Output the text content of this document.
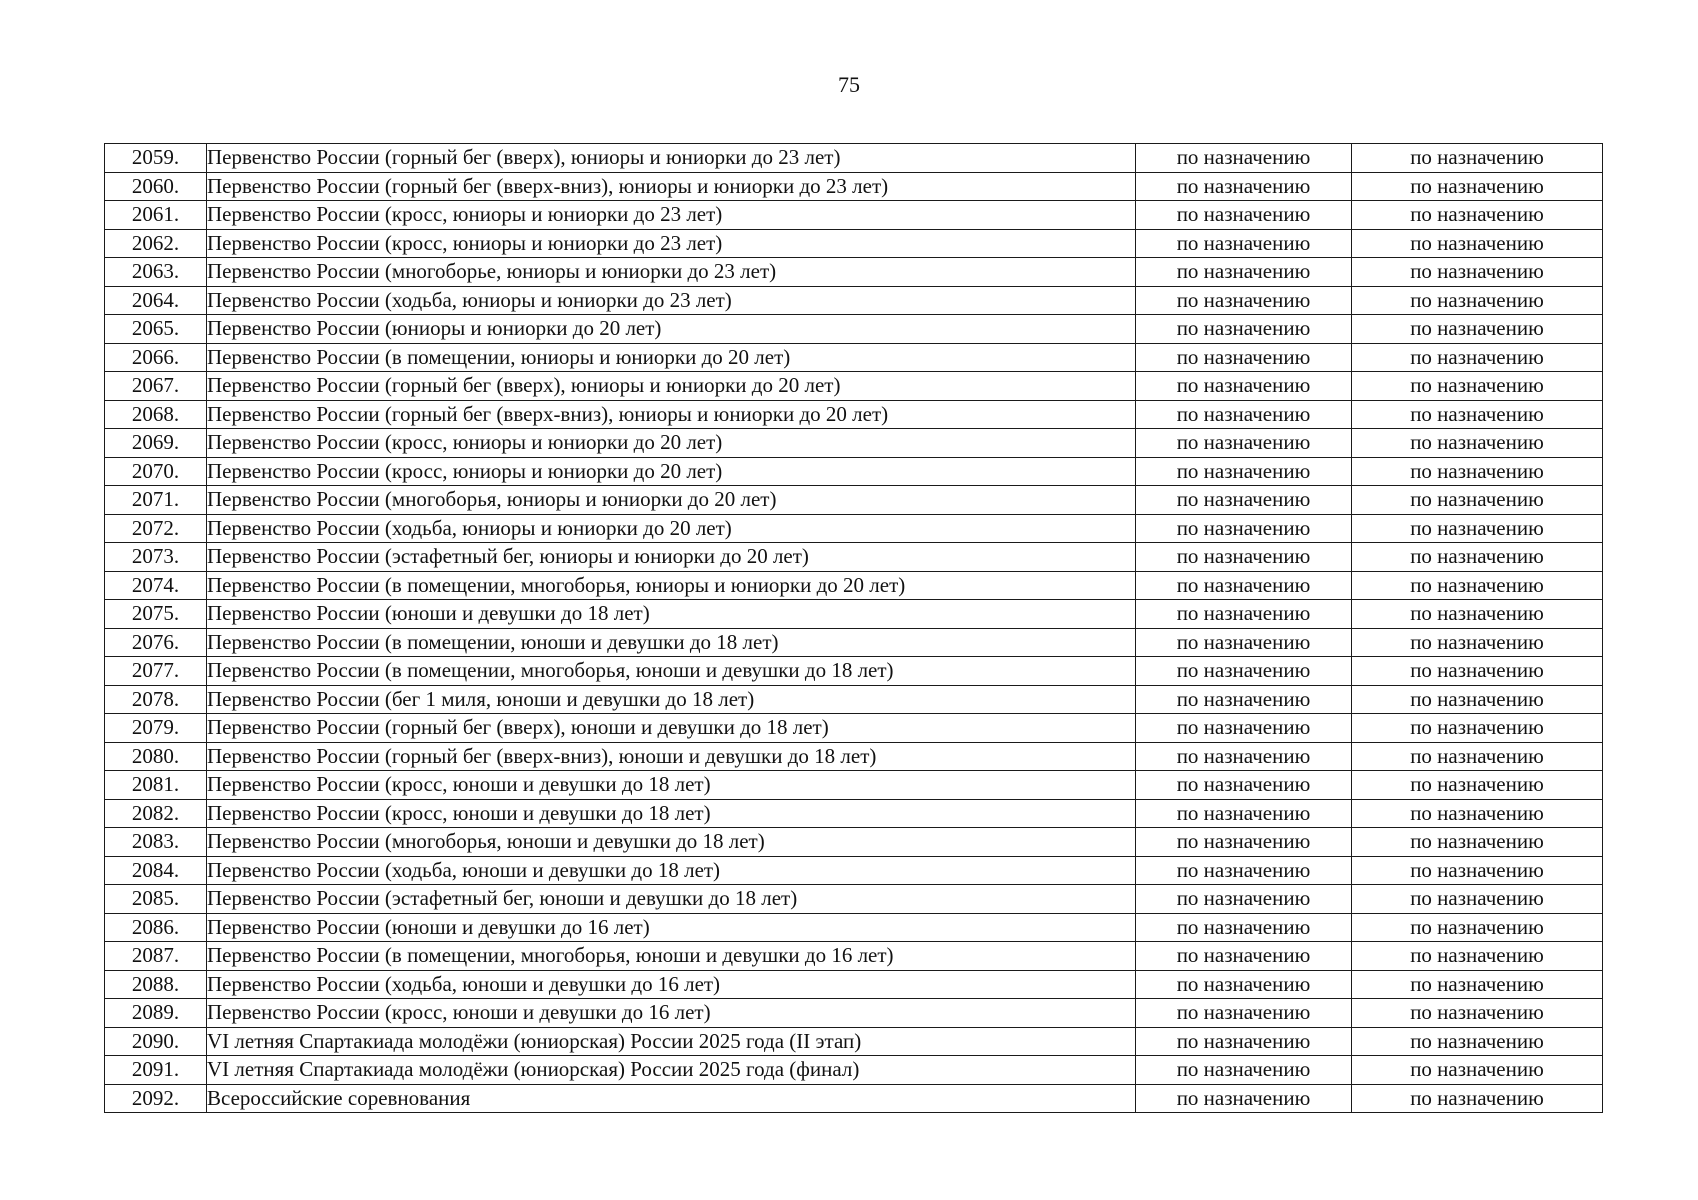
75
2059.	Первенство России (горный бег (вверх), юниоры и юниорки до 23 лет)	по назначению	по назначению
2060.	Первенство России (горный бег (вверх-вниз), юниоры и юниорки до 23 лет)	по назначению	по назначению
2061.	Первенство России (кросс, юниоры и юниорки до 23 лет)	по назначению	по назначению
2062.	Первенство России (кросс, юниоры и юниорки до 23 лет)	по назначению	по назначению
2063.	Первенство России (многоборье, юниоры и юниорки до 23 лет)	по назначению	по назначению
2064.	Первенство России (ходьба, юниоры и юниорки до 23 лет)	по назначению	по назначению
2065.	Первенство России (юниоры и юниорки до 20 лет)	по назначению	по назначению
2066.	Первенство России (в помещении, юниоры и юниорки до 20 лет)	по назначению	по назначению
2067.	Первенство России (горный бег (вверх), юниоры и юниорки до 20 лет)	по назначению	по назначению
2068.	Первенство России (горный бег (вверх-вниз), юниоры и юниорки до 20 лет)	по назначению	по назначению
2069.	Первенство России (кросс, юниоры и юниорки до 20 лет)	по назначению	по назначению
2070.	Первенство России (кросс, юниоры и юниорки до 20 лет)	по назначению	по назначению
2071.	Первенство России (многоборья, юниоры и юниорки до 20 лет)	по назначению	по назначению
2072.	Первенство России (ходьба, юниоры и юниорки до 20 лет)	по назначению	по назначению
2073.	Первенство России (эстафетный бег, юниоры и юниорки до 20 лет)	по назначению	по назначению
2074.	Первенство России (в помещении, многоборья, юниоры и юниорки до 20 лет)	по назначению	по назначению
2075.	Первенство России (юноши и девушки до 18 лет)	по назначению	по назначению
2076.	Первенство России (в помещении, юноши и девушки до 18 лет)	по назначению	по назначению
2077.	Первенство России (в помещении, многоборья, юноши и девушки до 18 лет)	по назначению	по назначению
2078.	Первенство России (бег 1 миля, юноши и девушки до 18 лет)	по назначению	по назначению
2079.	Первенство России (горный бег (вверх), юноши и девушки до 18 лет)	по назначению	по назначению
2080.	Первенство России (горный бег (вверх-вниз), юноши и девушки до 18 лет)	по назначению	по назначению
2081.	Первенство России (кросс, юноши и девушки до 18 лет)	по назначению	по назначению
2082.	Первенство России (кросс, юноши и девушки до 18 лет)	по назначению	по назначению
2083.	Первенство России (многоборья, юноши и девушки до 18 лет)	по назначению	по назначению
2084.	Первенство России (ходьба, юноши и девушки до 18 лет)	по назначению	по назначению
2085.	Первенство России (эстафетный бег, юноши и девушки до 18 лет)	по назначению	по назначению
2086.	Первенство России (юноши и девушки до 16 лет)	по назначению	по назначению
2087.	Первенство России (в помещении, многоборья, юноши и девушки до 16 лет)	по назначению	по назначению
2088.	Первенство России (ходьба, юноши и девушки до 16 лет)	по назначению	по назначению
2089.	Первенство России (кросс, юноши и девушки до 16 лет)	по назначению	по назначению
2090.	VI летняя Спартакиада молодёжи (юниорская) России 2025 года (II этап)	по назначению	по назначению
2091.	VI летняя Спартакиада молодёжи (юниорская) России 2025 года (финал)	по назначению	по назначению
2092.	Всероссийские соревнования	по назначению	по назначению
